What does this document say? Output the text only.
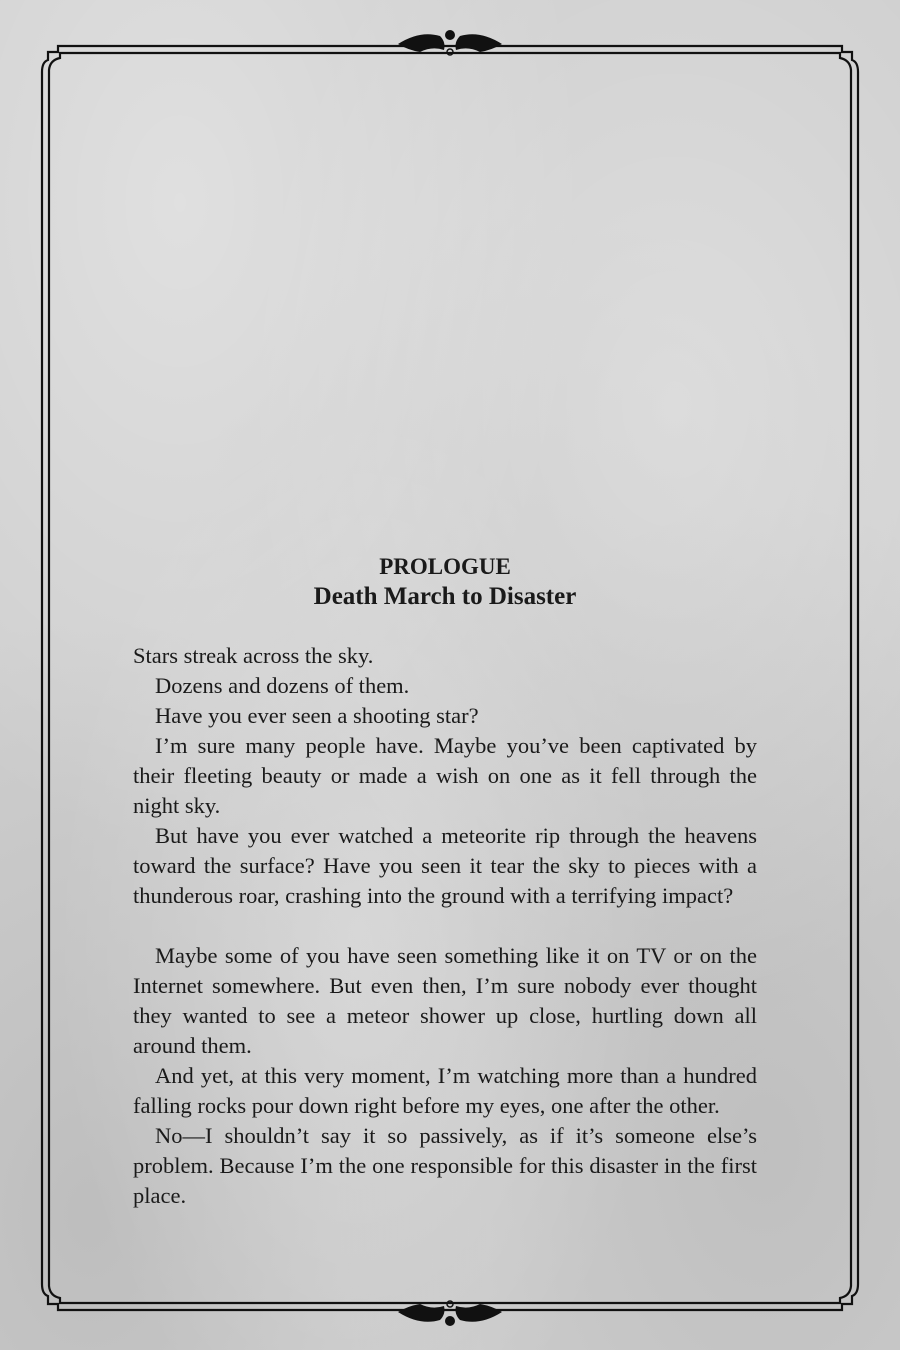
PROLOGUE
Death March to Disaster

Stars streak across the sky.

Dozens and dozens of them.

Have you ever seen a shooting star?

I’m sure many people have. Maybe you’ve been captivated by their fleeting beauty or made a wish on one as it fell through the night sky.

But have you ever watched a meteorite rip through the heavens toward the surface? Have you seen it tear the sky to pieces with a thunderous roar, crashing into the ground with a terrifying impact?

Maybe some of you have seen something like it on TV or on the Internet somewhere. But even then, I’m sure nobody ever thought they wanted to see a meteor shower up close, hurtling down all around them.

And yet, at this very moment, I’m watching more than a hundred falling rocks pour down right before my eyes, one after the other.

No—I shouldn’t say it so passively, as if it’s someone else’s problem. Because I’m the one responsible for this disaster in the first place.
